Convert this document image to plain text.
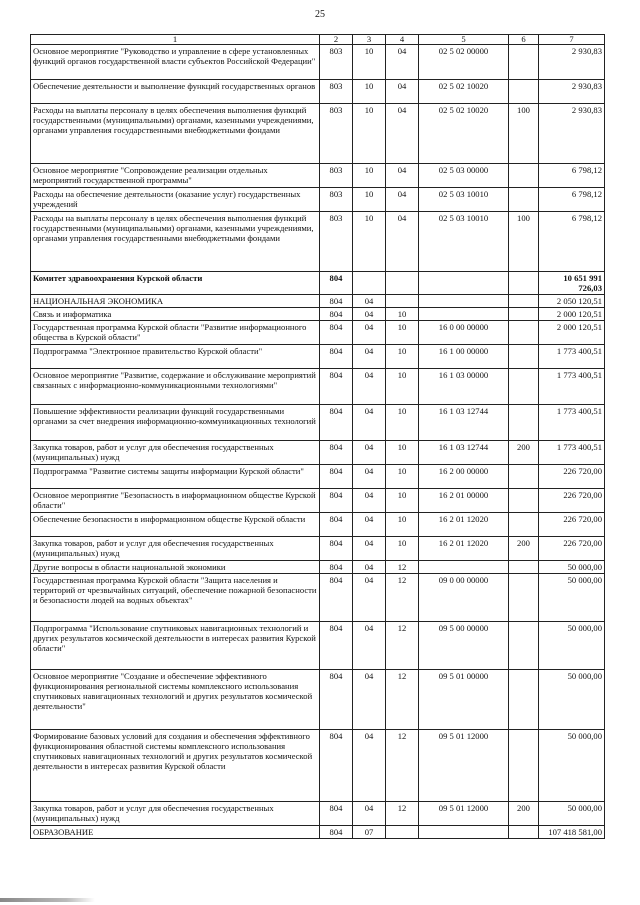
25
1	2	3	4	5	6	7
Основное мероприятие "Руководство и управление в сфере установленных функций органов государственной власти субъектов Российской Федерации"	803	10	04	02 5 02 00000		2 930,83
Обеспечение деятельности и выполнение функций государственных органов	803	10	04	02 5 02 10020		2 930,83
Расходы на выплаты персоналу в целях обеспечения выполнения функций государственными (муниципальными) органами, казенными учреждениями, органами управления государственными внебюджетными фондами	803	10	04	02 5 02 10020	100	2 930,83
Основное мероприятие "Сопровождение реализации отдельных мероприятий государственной программы"	803	10	04	02 5 03 00000		6 798,12
Расходы на обеспечение деятельности (оказание услуг) государственных учреждений	803	10	04	02 5 03 10010		6 798,12
Расходы на выплаты персоналу в целях обеспечения выполнения функций государственными (муниципальными) органами, казенными учреждениями, органами управления государственными внебюджетными фондами	803	10	04	02 5 03 10010	100	6 798,12
Комитет здравоохранения Курской области	804					10 651 991 726,03
НАЦИОНАЛЬНАЯ ЭКОНОМИКА	804	04				2 050 120,51
Связь и информатика	804	04	10			2 000 120,51
Государственная программа Курской области "Развитие информационного общества в Курской области"	804	04	10	16 0 00 00000		2 000 120,51
Подпрограмма "Электронное правительство Курской области"	804	04	10	16 1 00 00000		1 773 400,51
Основное мероприятие "Развитие, содержание и обслуживание мероприятий связанных с информационно-коммуникационными технологиями"	804	04	10	16 1 03 00000		1 773 400,51
Повышение эффективности реализации функций государственными органами за счет внедрения информационно-коммуникационных технологий	804	04	10	16 1 03 12744		1 773 400,51
Закупка товаров, работ и услуг для обеспечения государственных (муниципальных) нужд	804	04	10	16 1 03 12744	200	1 773 400,51
Подпрограмма "Развитие системы защиты информации Курской области"	804	04	10	16 2 00 00000		226 720,00
Основное мероприятие "Безопасность в информационном обществе Курской области"	804	04	10	16 2 01 00000		226 720,00
Обеспечение безопасности в информационном обществе Курской области	804	04	10	16 2 01 12020		226 720,00
Закупка товаров, работ и услуг для обеспечения государственных (муниципальных) нужд	804	04	10	16 2 01 12020	200	226 720,00
Другие вопросы в области национальной экономики	804	04	12			50 000,00
Государственная программа Курской области "Защита населения и территорий от чрезвычайных ситуаций, обеспечение пожарной безопасности и безопасности людей на водных объектах"	804	04	12	09 0 00 00000		50 000,00
Подпрограмма "Использование спутниковых навигационных технологий и других результатов космической деятельности в интересах развития Курской области"	804	04	12	09 5 00 00000		50 000,00
Основное мероприятие "Создание и обеспечение эффективного функционирования региональной системы комплексного использования спутниковых навигационных технологий и других результатов космической деятельности"	804	04	12	09 5 01 00000		50 000,00
Формирование базовых условий для создания и обеспечения эффективного функционирования областной системы комплексного использования спутниковых навигационных технологий и других результатов космической деятельности в интересах развития Курской области	804	04	12	09 5 01 12000		50 000,00
Закупка товаров, работ и услуг для обеспечения государственных (муниципальных) нужд	804	04	12	09 5 01 12000	200	50 000,00
ОБРАЗОВАНИЕ	804	07				107 418 581,00
